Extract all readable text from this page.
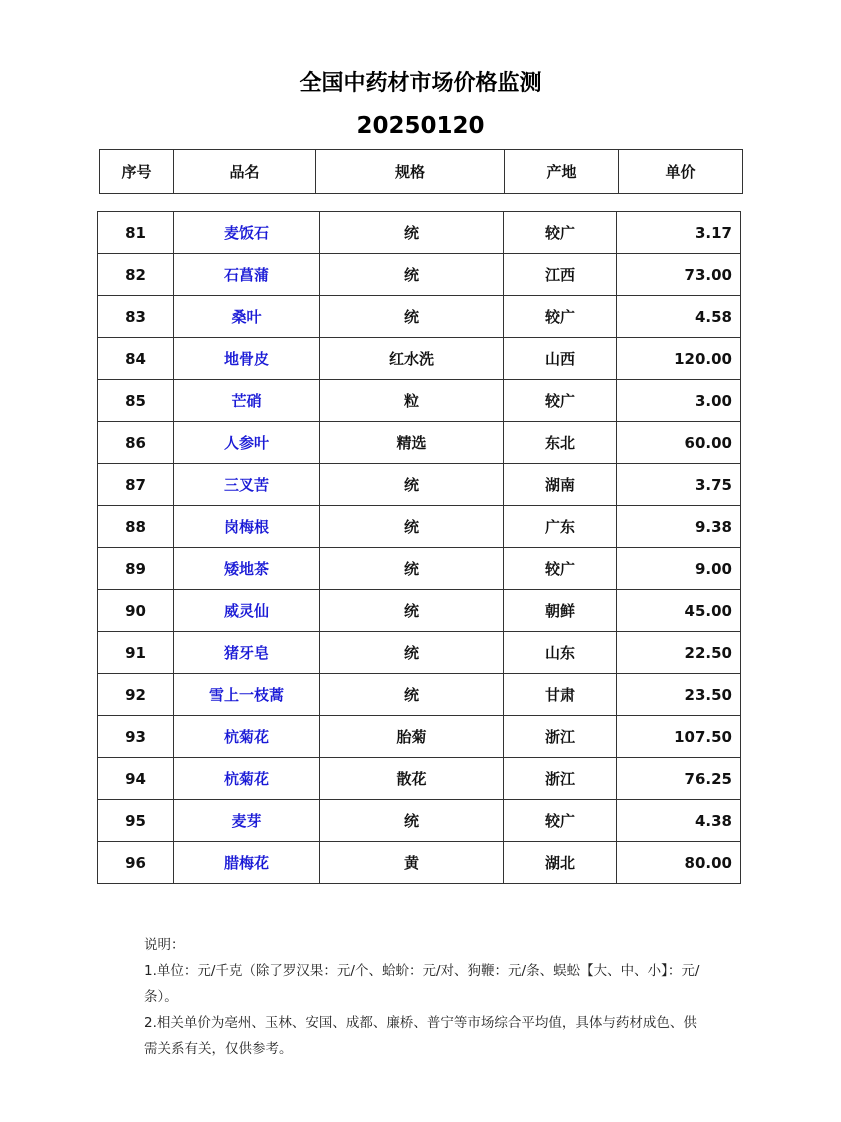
全国中药材市场价格监测
20250120
序号	品名	规格	产地	单价
81	麦饭石	统	较广	3.17
82	石菖蒲	统	江西	73.00
83	桑叶	统	较广	4.58
84	地骨皮	红水洗	山西	120.00
85	芒硝	粒	较广	3.00
86	人参叶	精选	东北	60.00
87	三叉苦	统	湖南	3.75
88	岗梅根	统	广东	9.38
89	矮地茶	统	较广	9.00
90	威灵仙	统	朝鲜	45.00
91	猪牙皂	统	山东	22.50
92	雪上一枝蒿	统	甘肃	23.50
93	杭菊花	胎菊	浙江	107.50
94	杭菊花	散花	浙江	76.25
95	麦芽	统	较广	4.38
96	腊梅花	黄	湖北	80.00

说明：

1.单位：元/千克（除了罗汉果：元/个、蛤蚧：元/对、狗鞭：元/条、蜈蚣【大、中、小】：元/条）。

2.相关单价为亳州、玉林、安国、成都、廉桥、普宁等市场综合平均值，具体与药材成色、供需关系有关，仅供参考。
